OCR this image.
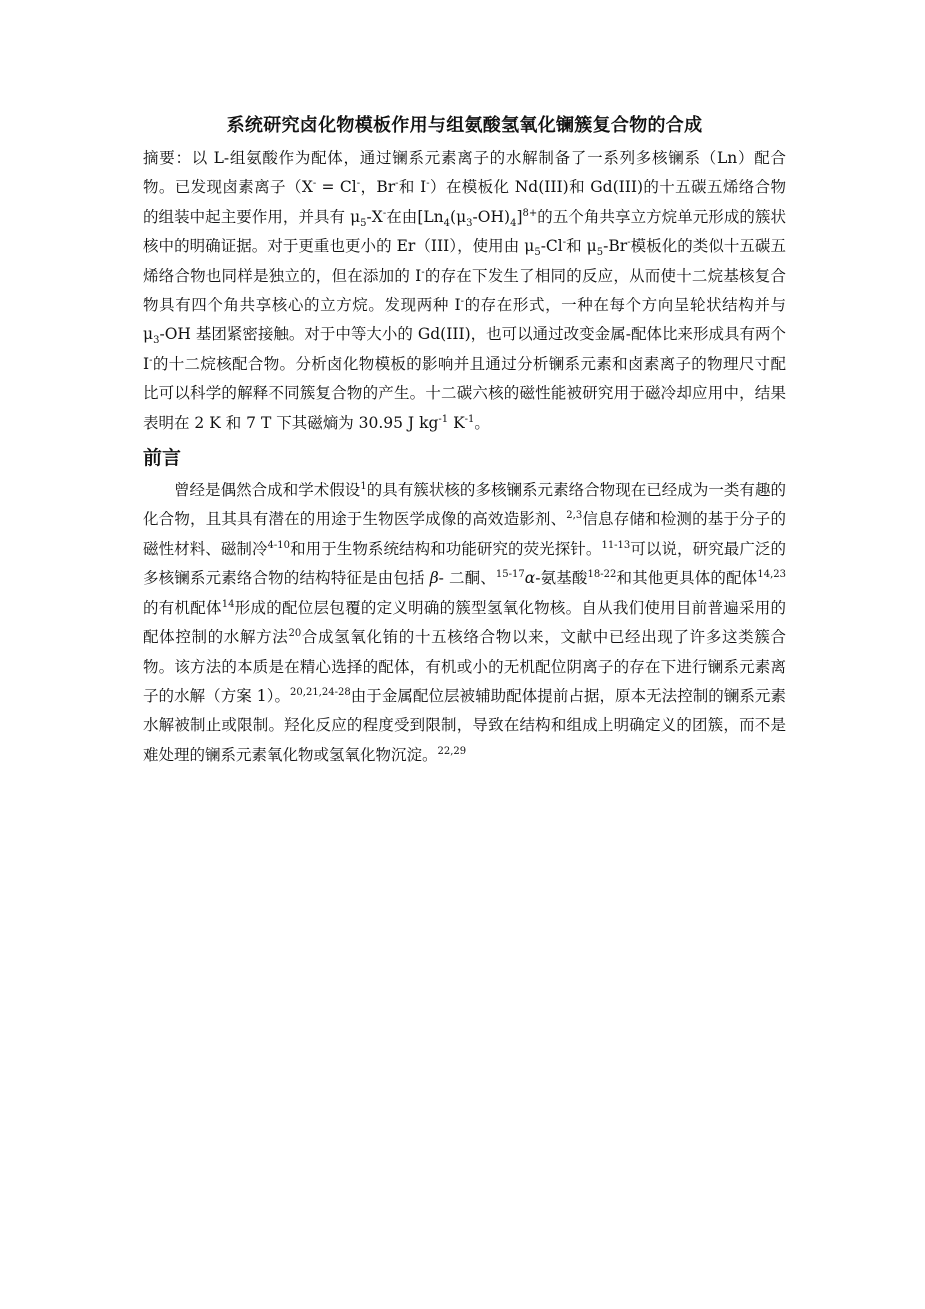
系统研究卤化物模板作用与组氨酸氢氧化镧簇复合物的合成

摘要：以 L-组氨酸作为配体，通过镧系元素离子的水解制备了一系列多核镧系（Ln）配合物。已发现卤素离子（X- = Cl-，Br-和 I-）在模板化 Nd(III)和 Gd(III)的十五碳五烯络合物的组装中起主要作用，并具有 $\mu_5-X^-$在由$[Ln_4(\mu_3-OH)_4]^{8+}$的五个角共享立方烷单元形成的簇状核中的明确证据。对于更重也更小的 Er（III），使用由 $\mu_5-Cl^-$和 $\mu_5-Br^-$模板化的类似十五碳五烯络合物也同样是独立的，但在添加的 I-的存在下发生了相同的反应，从而使十二烷基核复合物具有四个角共享核心的立方烷。发现两种 I-的存在形式，一种在每个方向呈轮状结构并与 $\mu_3-OH$ 基团紧密接触。对于中等大小的 Gd(III)，也可以通过改变金属-配体比来形成具有两个 I-的十二烷核配合物。分析卤化物模板的影响并且通过分析镧系元素和卤素离子的物理尺寸配比可以科学的解释不同簇复合物的产生。十二碳六核的磁性能被研究用于磁冷却应用中，结果表明在 2 K 和 7 T 下其磁熵为 30.95 J $kg^{-1}$ $K^{-1}$。

前言

曾经是偶然合成和学术假设$^1$的具有簇状核的多核镧系元素络合物现在已经成为一类有趣的化合物，且其具有潜在的用途于生物医学成像的高效造影剂、$^{2,3}$信息存储和检测的基于分子的磁性材料、磁制冷$^{4-10}$和用于生物系统结构和功能研究的荧光探针。$^{11-13}$可以说，研究最广泛的多核镧系元素络合物的结构特征是由包括 β- 二酮、$^{15-17}$α-氨基酸$^{18-22}$和其他更具体的配体$^{14,23}$的有机配体$^{14}$形成的配位层包覆的定义明确的簇型氢氧化物核。自从我们使用目前普遍采用的配体控制的水解方法$^{20}$合成氢氧化铕的十五核络合物以来，文献中已经出现了许多这类簇合物。该方法的本质是在精心选择的配体，有机或小的无机配位阴离子的存在下进行镧系元素离子的水解（方案 1）。$^{20,21,24-28}$由于金属配位层被辅助配体提前占据，原本无法控制的镧系元素水解被制止或限制。羟化反应的程度受到限制，导致在结构和组成上明确定义的团簇，而不是难处理的镧系元素氧化物或氢氧化物沉淀。$^{22,29}$
